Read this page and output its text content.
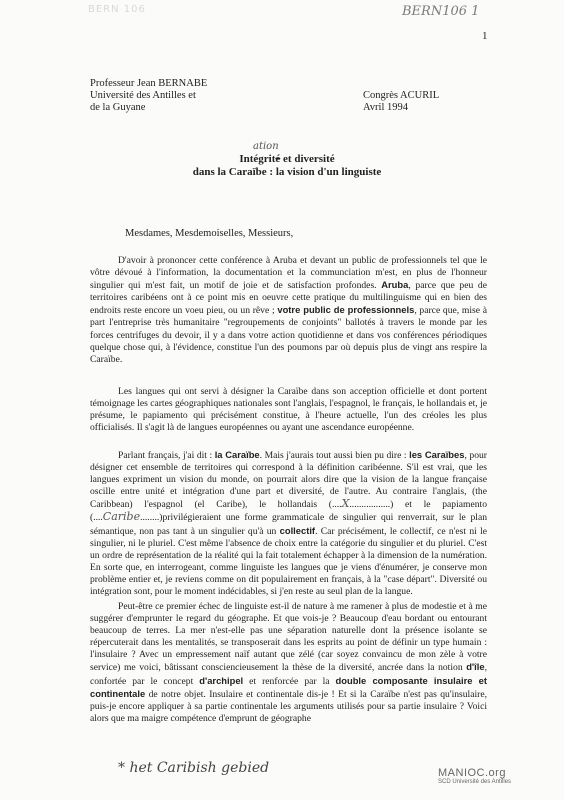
BERN 106	BERN106 1
1
Professeur Jean BERNABE
Université des Antilles et
de la Guyane
Congrès ACURIL
Avril 1994
ation
Intégrité et diversité
dans la Caraïbe : la vision d'un linguiste
Mesdames, Mesdemoiselles, Messieurs,
D'avoir à prononcer cette conférence à Aruba et devant un public de professionnels tel que le vôtre dévoué à l'information, la documentation et la communciation m'est, en plus de l'honneur singulier qui m'est fait, un motif de joie et de satisfaction profondes. Aruba, parce que peu de territoires caribéens ont à ce point mis en oeuvre cette pratique du multilinguisme qui en bien des endroits reste encore un voeu pieu, ou un rêve ; votre public de professionnels, parce que, mise à part l'entreprise très humanitaire "regroupements de conjoints" ballotés à travers le monde par les forces centrifuges du devoir, il y a dans votre action quotidienne et dans vos conférences périodiques quelque chose qui, à l'évidence, constitue l'un des poumons par où depuis plus de vingt ans respire la Caraïbe.
Les langues qui ont servi à désigner la Caraïbe dans son acception officielle et dont portent témoignage les cartes géographiques nationales sont l'anglais, l'espagnol, le français, le hollandais et, je présume, le papiamento qui précisément constitue, à l'heure actuelle, l'un des créoles les plus officialisés. Il s'agit là de langues européennes ou ayant une ascendance européenne.
Parlant français, j'ai dit : la Caraïbe. Mais j'aurais tout aussi bien pu dire : les Caraïbes, pour désigner cet ensemble de territoires qui correspond à la définition caribéenne. S'il est vrai, que les langues expriment un vision du monde, on pourrait alors dire que la vision de la langue française oscille entre unité et intégration d'une part et diversité, de l'autre. Au contraire l'anglais, (the Caribbean) l'espagnol (el Caribe), le hollandais (....X.................) et le papiamento (....Caribe........)privilégieraient une forme grammaticale de singulier qui renverrait, sur le plan sémantique, non pas tant à un singulier qu'à un collectif. Car précisément, le collectif, ce n'est ni le singulier, ni le pluriel. C'est même l'absence de choix entre la catégorie du singulier et du pluriel. C'est un ordre de représentation de la réalité qui la fait totalement échapper à la dimension de la numération. En sorte que, en interrogeant, comme linguiste les langues que je viens d'énumérer, je conserve mon problème entier et, je reviens comme on dit populairement en français, à la "case départ". Diversité ou intégration sont, pour le moment indécidables, si j'en reste au seul plan de la langue.
Peut-être ce premier échec de linguiste est-il de nature à me ramener à plus de modestie et à me suggérer d'emprunter le regard du géographe. Et que vois-je ? Beaucoup d'eau bordant ou entourant beaucoup de terres. La mer n'est-elle pas une séparation naturelle dont la présence isolante se répercuterait dans les mentalités, se transposerait dans les esprits au point de définir un type humain : l'insulaire ? Avec un empressement naïf autant que zélé (car soyez convaincu de mon zèle à votre service) me voici, bâtissant consciencieusement la thèse de la diversité, ancrée dans la notion d'île, confortée par le concept d'archipel et renforcée par la double composante insulaire et continentale de notre objet. Insulaire et continentale dis-je ! Et si la Caraïbe n'est pas qu'insulaire, puis-je encore appliquer à sa partie continentale les arguments utilisés pour sa partie insulaire ? Voici alors que ma maigre compétence d'emprunt de géographe
* het Caribish gebied	MANIOC.org
SCD Université des Antilles
